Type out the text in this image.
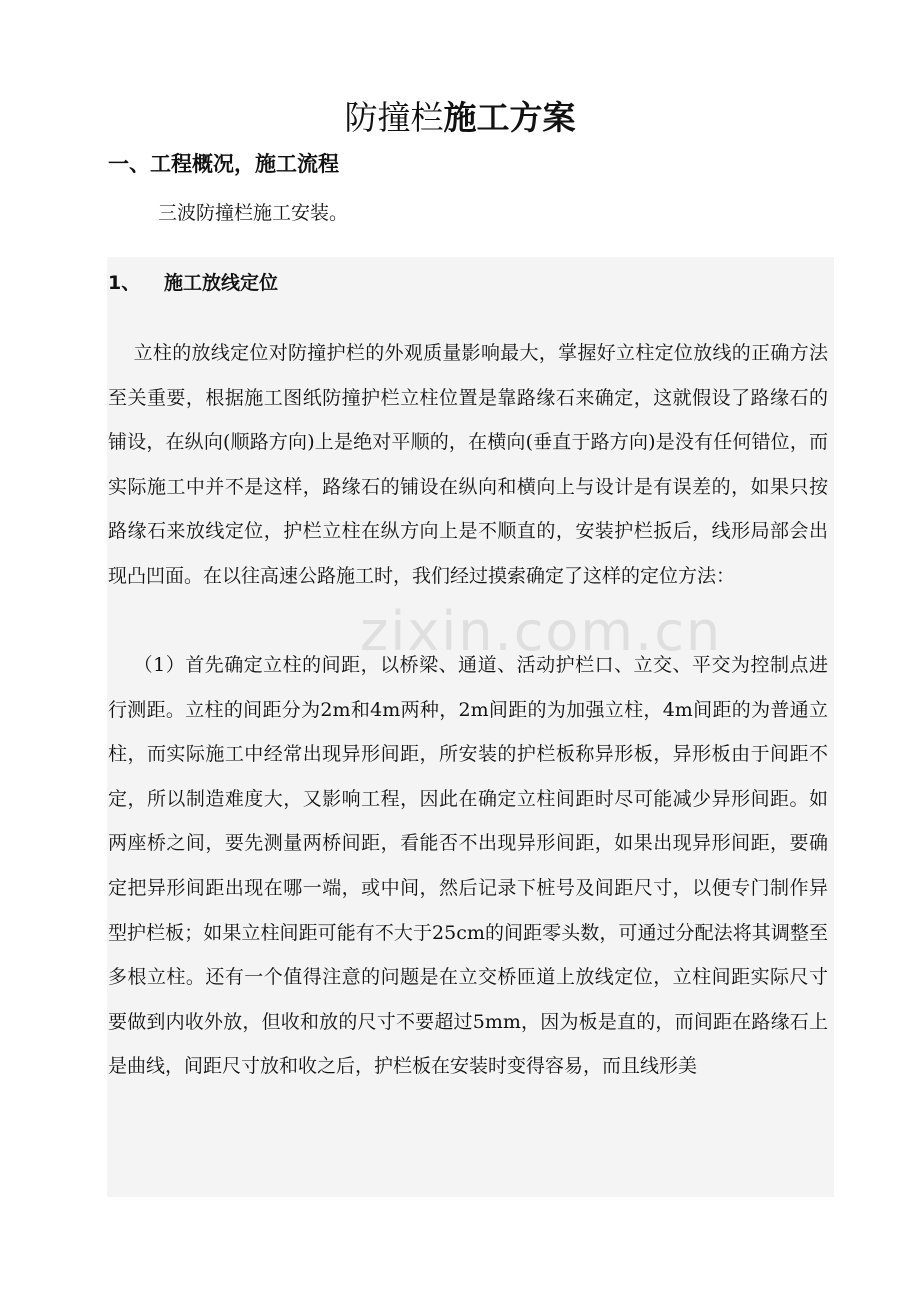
防撞栏施工方案
一、工程概况，施工流程
三波防撞栏施工安装。
1、 施工放线定位

立柱的放线定位对防撞护栏的外观质量影响最大，掌握好立柱定位放线的正确方法至关重要，根据施工图纸防撞护栏立柱位置是靠路缘石来确定，这就假设了路缘石的铺设，在纵向(顺路方向)上是绝对平顺的，在横向(垂直于路方向)是没有任何错位，而实际施工中并不是这样，路缘石的铺设在纵向和横向上与设计是有误差的，如果只按路缘石来放线定位，护栏立柱在纵方向上是不顺直的，安装护栏扳后，线形局部会出现凸凹面。在以往高速公路施工时，我们经过摸索确定了这样的定位方法：

（1）首先确定立柱的间距，以桥梁、通道、活动护栏口、立交、平交为控制点进行测距。立柱的间距分为2m和4m两种，2m间距的为加强立柱，4m间距的为普通立柱，而实际施工中经常出现异形间距，所安装的护栏板称异形板，异形板由于间距不定，所以制造难度大，又影响工程，因此在确定立柱间距时尽可能减少异形间距。如两座桥之间，要先测量两桥间距，看能否不出现异形间距，如果出现异形间距，要确定把异形间距出现在哪一端，或中间，然后记录下桩号及间距尺寸，以便专门制作异型护栏板；如果立柱间距可能有不大于25cm的间距零头数，可通过分配法将其调整至多根立柱。还有一个值得注意的问题是在立交桥匝道上放线定位，立柱间距实际尺寸要做到内收外放，但收和放的尺寸不要超过5mm，因为板是直的，而间距在路缘石上是曲线，间距尺寸放和收之后，护栏板在安装时变得容易，而且线形美

zixin.com.cn
